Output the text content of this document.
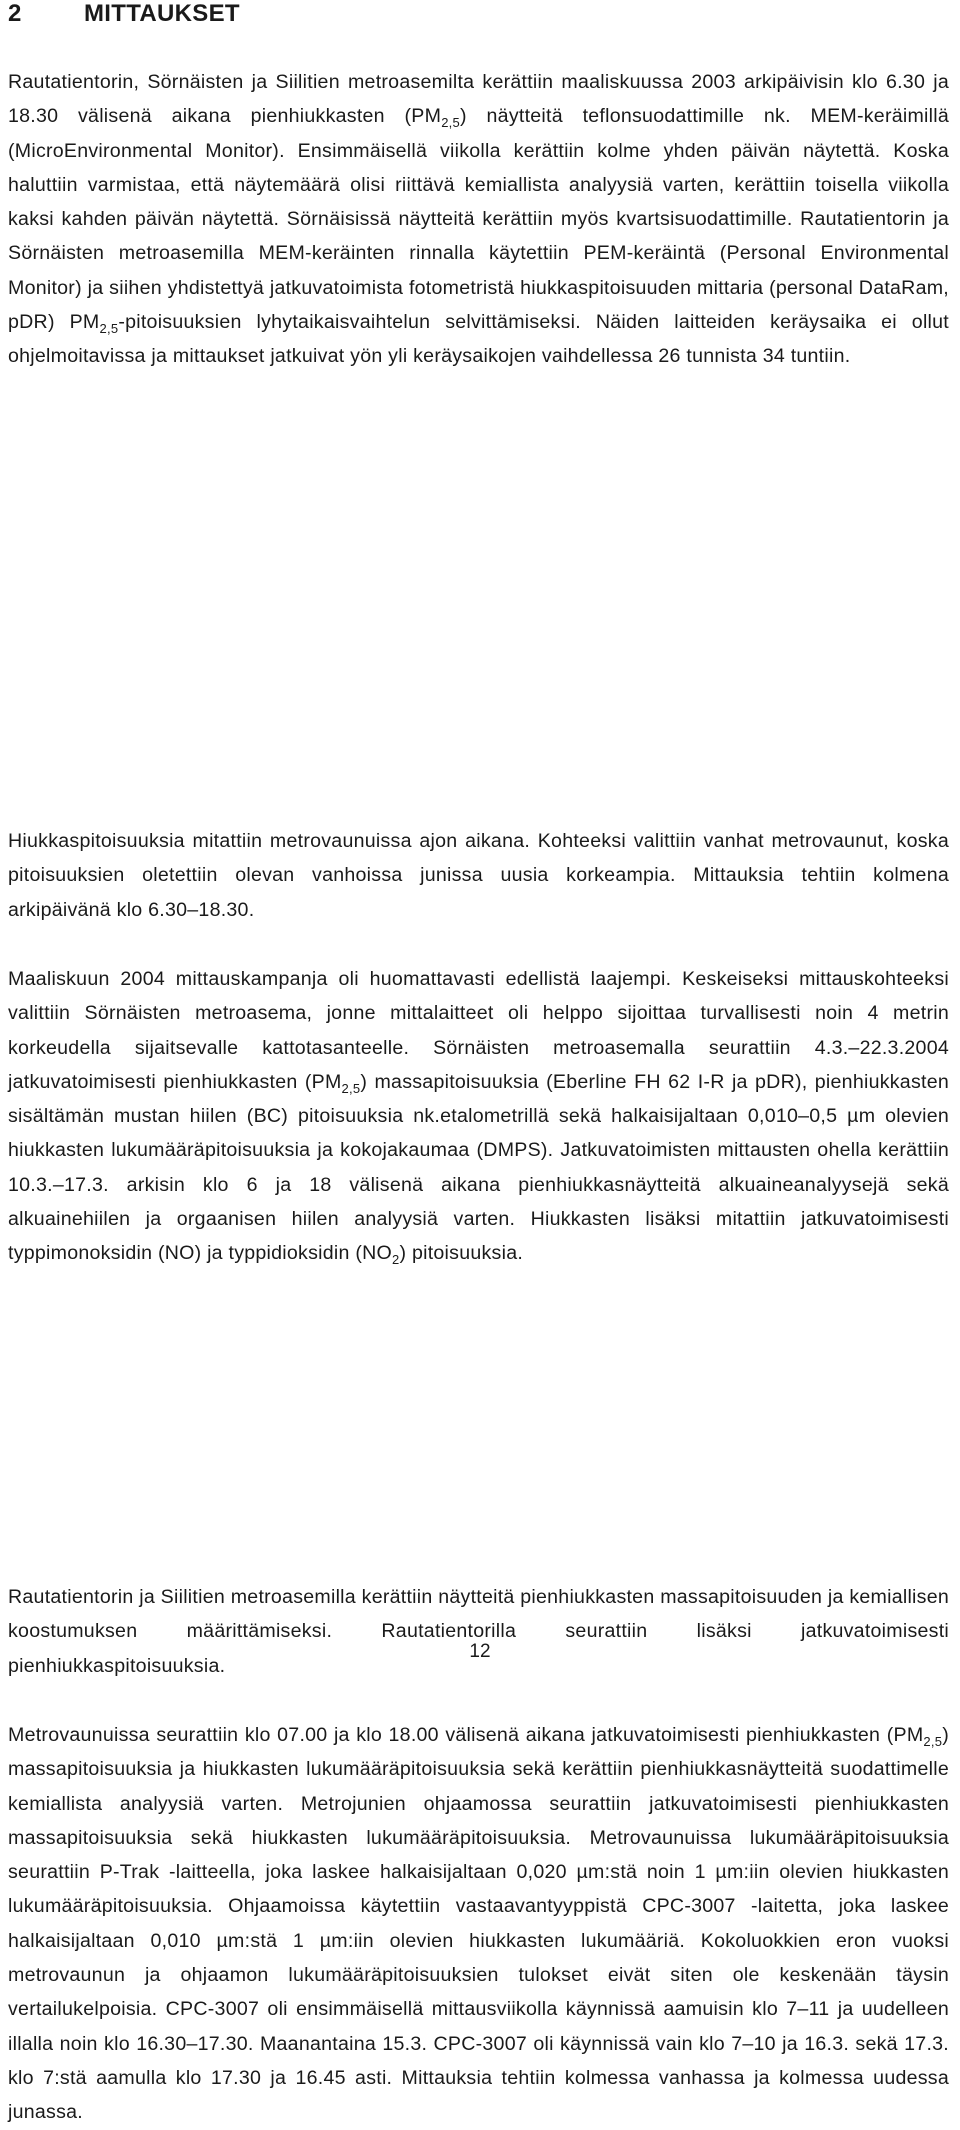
2	MITTAUKSET

Rautatientorin, Sörnäisten ja Siilitien metroasemilta kerättiin maaliskuussa 2003 arkipäivisin klo 6.30 ja 18.30 välisenä aikana pienhiukkasten $(PM_{2,5})$ näytteitä teflonsuodattimille nk. MEM-keräimillä (MicroEnvironmental Monitor). Ensimmäisellä viikolla kerättiin kolme yhden päivän näytettä. Koska haluttiin varmistaa, että näytemäärä olisi riittävä kemiallista analyysiä varten, kerättiin toisella viikolla kaksi kahden päivän näytettä. Sörnäisissä näytteitä kerättiin myös kvartsisuodattimille. Rautatientorin ja Sörnäisten metroasemilla MEM-keräinten rinnalla käytettiin PEM-keräintä (Personal Environmental Monitor) ja siihen yhdistettyä jatkuvatoimista fotometristä hiukkaspitoisuuden mittaria (personal DataRam, pDR) $PM_{2,5}$-pitoisuuksien lyhytaikaisvaihtelun selvittämiseksi. Näiden laitteiden keräysaika ei ollut ohjelmoitavissa ja mittaukset jatkuivat yön yli keräysaikojen vaihdellessa 26 tunnista 34 tuntiin.

Hiukkaspitoisuuksia mitattiin metrovaunuissa ajon aikana. Kohteeksi valittiin vanhat metrovaunut, koska pitoisuuksien oletettiin olevan vanhoissa junissa uusia korkeampia. Mittauksia tehtiin kolmena arkipäivänä klo 6.30–18.30.

Maaliskuun 2004 mittauskampanja oli huomattavasti edellistä laajempi. Keskeiseksi mittauskohteeksi valittiin Sörnäisten metroasema, jonne mittalaitteet oli helppo sijoittaa turvallisesti noin 4 metrin korkeudella sijaitsevalle kattotasanteelle. Sörnäisten metroasemalla seurattiin 4.3.–22.3.2004 jatkuvatoimisesti pienhiukkasten $(PM_{2,5})$ massapitoisuuksia (Eberline FH 62 I-R ja pDR), pienhiukkasten sisältämän mustan hiilen (BC) pitoisuuksia nk.etalometrillä sekä halkaisijaltaan 0,010–0,5 µm olevien hiukkasten lukumääräpitoisuuksia ja kokojakaumaa (DMPS). Jatkuvatoimisten mittausten ohella kerättiin 10.3.–17.3. arkisin klo 6 ja 18 välisenä aikana pienhiukkasnäytteitä alkuaineanalyysejä sekä alkuainehiilen ja orgaanisen hiilen analyysiä varten. Hiukkasten lisäksi mitattiin jatkuvatoimisesti typpimonoksidin (NO) ja typpidioksidin $(NO_2)$ pitoisuuksia.

Rautatientorin ja Siilitien metroasemilla kerättiin näytteitä pienhiukkasten massapitoisuuden ja kemiallisen koostumuksen määrittämiseksi. Rautatientorilla seurattiin lisäksi jatkuvatoimisesti pienhiukkaspitoisuuksia.

Metrovaunuissa seurattiin klo 07.00 ja klo 18.00 välisenä aikana jatkuvatoimisesti pienhiukkasten $(PM_{2,5})$ massapitoisuuksia ja hiukkasten lukumääräpitoisuuksia sekä kerättiin pienhiukkasnäytteitä suodattimelle kemiallista analyysiä varten. Metrojunien ohjaamossa seurattiin jatkuvatoimisesti pienhiukkasten massapitoisuuksia sekä hiukkasten lukumääräpitoisuuksia. Metrovaunuissa lukumääräpitoisuuksia seurattiin P-Trak -laitteella, joka laskee halkaisijaltaan 0,020 µm:stä noin 1 µm:iin olevien hiukkasten lukumääräpitoisuuksia. Ohjaamoissa käytettiin vastaavantyyppistä CPC-3007 -laitetta, joka laskee halkaisijaltaan 0,010 µm:stä 1 µm:iin olevien hiukkasten lukumääriä. Kokoluokkien eron vuoksi metrovaunun ja ohjaamon lukumääräpitoisuuksien tulokset eivät siten ole keskenään täysin vertailukelpoisia. CPC-3007 oli ensimmäisellä mittausviikolla käynnissä aamuisin klo 7–11 ja uudelleen illalla noin klo 16.30–17.30. Maanantaina 15.3. CPC-3007 oli käynnissä vain klo 7–10 ja 16.3. sekä 17.3. klo 7:stä aamulla klo 17.30 ja 16.45 asti. Mittauksia tehtiin kolmessa vanhassa ja kolmessa uudessa junassa.

12
